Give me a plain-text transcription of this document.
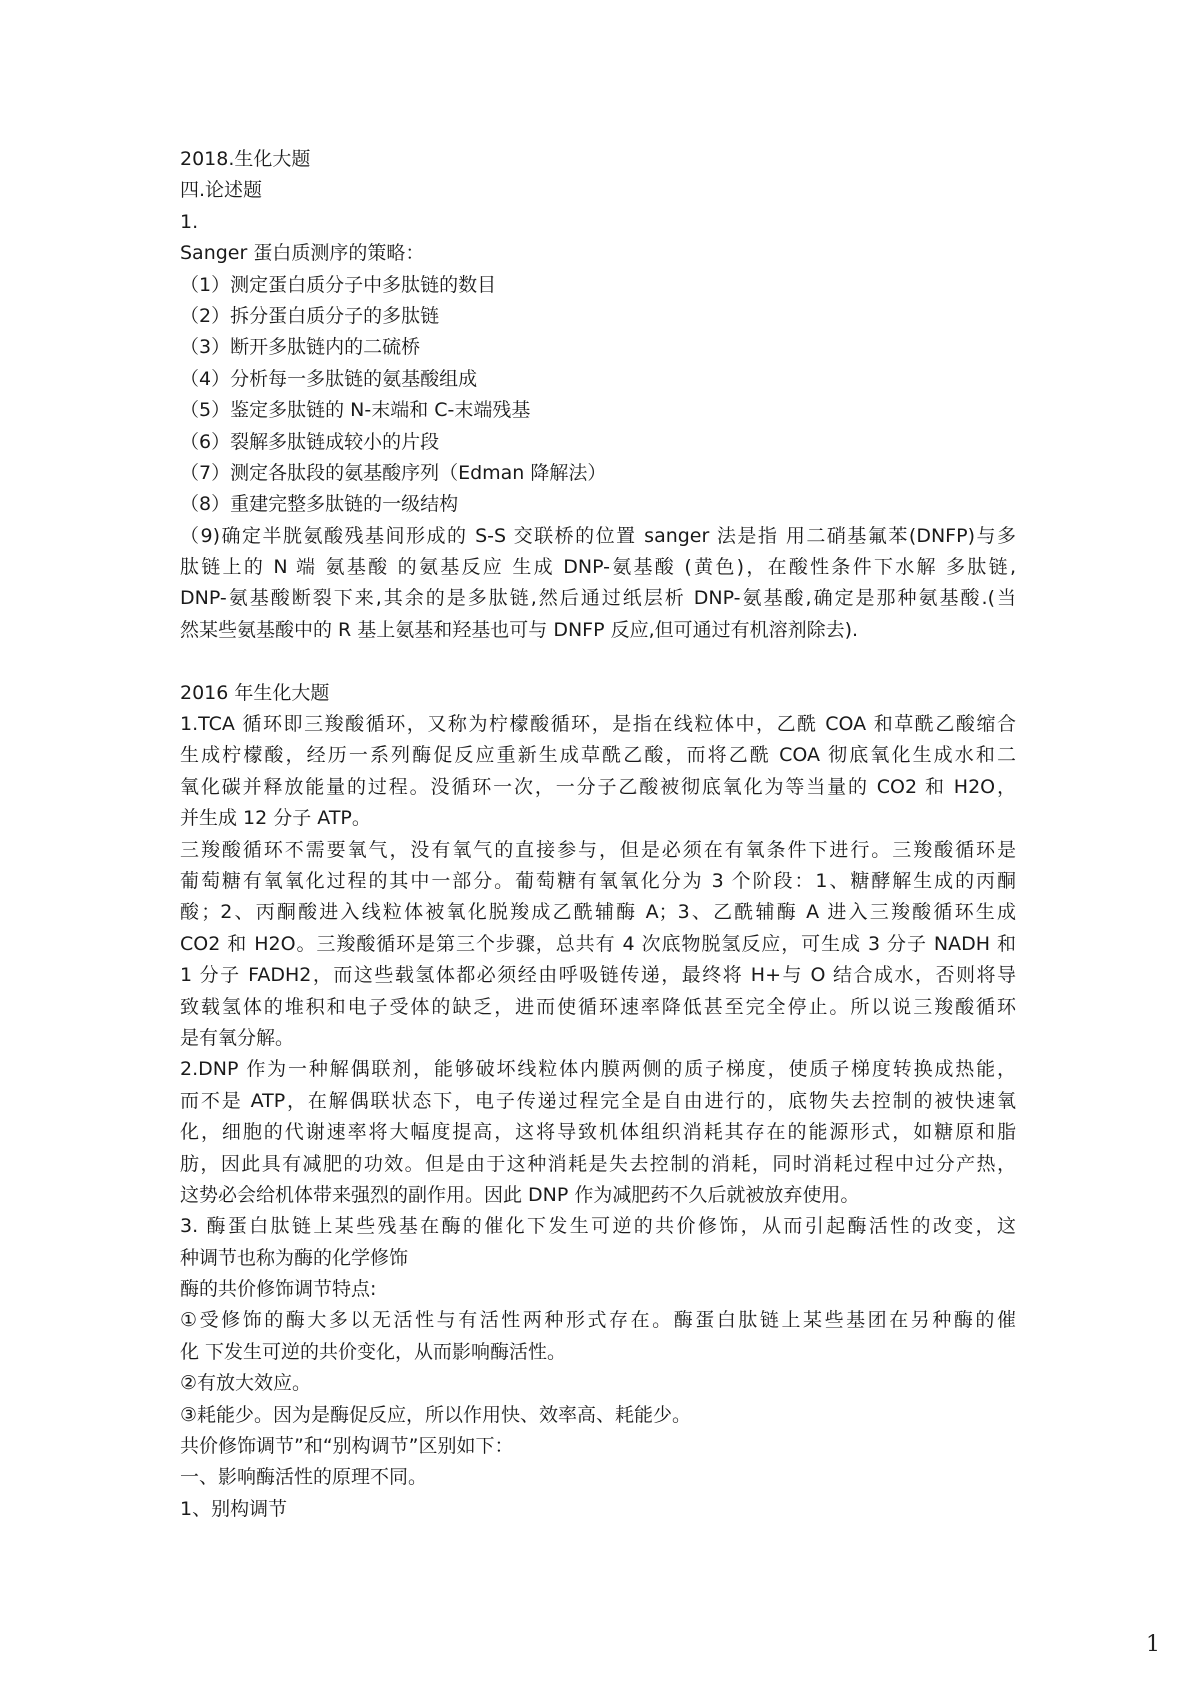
2018.生化大题
四.论述题
1.
Sanger 蛋白质测序的策略：
（1）测定蛋白质分子中多肽链的数目
（2）拆分蛋白质分子的多肽链
（3）断开多肽链内的二硫桥
（4）分析每一多肽链的氨基酸组成
（5）鉴定多肽链的 N-末端和 C-末端残基
（6）裂解多肽链成较小的片段
（7）测定各肽段的氨基酸序列（Edman 降解法）
（8）重建完整多肽链的一级结构
（9)确定半胱氨酸残基间形成的 S-S 交联桥的位置 sanger 法是指 用二硝基氟苯(DNFP)与多
肽链上的 N 端 氨基酸 的氨基反应 生成 DNP-氨基酸 (黄色)，在酸性条件下水解 多肽链,
DNP-氨基酸断裂下来,其余的是多肽链,然后通过纸层析 DNP-氨基酸,确定是那种氨基酸.(当
然某些氨基酸中的 R 基上氨基和羟基也可与 DNFP 反应,但可通过有机溶剂除去).
2016 年生化大题
1.TCA 循环即三羧酸循环，又称为柠檬酸循环，是指在线粒体中，乙酰 COA 和草酰乙酸缩合
生成柠檬酸，经历一系列酶促反应重新生成草酰乙酸，而将乙酰 COA 彻底氧化生成水和二
氧化碳并释放能量的过程。没循环一次，一分子乙酸被彻底氧化为等当量的 CO2 和 H2O，
并生成 12 分子 ATP。
三羧酸循环不需要氧气，没有氧气的直接参与，但是必须在有氧条件下进行。三羧酸循环是
葡萄糖有氧氧化过程的其中一部分。葡萄糖有氧氧化分为 3 个阶段：1、糖酵解生成的丙酮
酸；2、丙酮酸进入线粒体被氧化脱羧成乙酰辅酶 A；3、乙酰辅酶 A 进入三羧酸循环生成
CO2 和 H2O。三羧酸循环是第三个步骤，总共有 4 次底物脱氢反应，可生成 3 分子 NADH 和
1 分子 FADH2，而这些载氢体都必须经由呼吸链传递，最终将 H+与 O 结合成水，否则将导
致载氢体的堆积和电子受体的缺乏，进而使循环速率降低甚至完全停止。所以说三羧酸循环
是有氧分解。
2.DNP 作为一种解偶联剂，能够破坏线粒体内膜两侧的质子梯度，使质子梯度转换成热能，
而不是 ATP，在解偶联状态下，电子传递过程完全是自由进行的，底物失去控制的被快速氧
化，细胞的代谢速率将大幅度提高，这将导致机体组织消耗其存在的能源形式，如糖原和脂
肪，因此具有减肥的功效。但是由于这种消耗是失去控制的消耗，同时消耗过程中过分产热，
这势必会给机体带来强烈的副作用。因此 DNP 作为减肥药不久后就被放弃使用。
3. 酶蛋白肽链上某些残基在酶的催化下发生可逆的共价修饰，从而引起酶活性的改变，这
种调节也称为酶的化学修饰
酶的共价修饰调节特点:
①受修饰的酶大多以无活性与有活性两种形式存在。酶蛋白肽链上某些基团在另种酶的催
化 下发生可逆的共价变化，从而影响酶活性。
②有放大效应。
③耗能少。因为是酶促反应，所以作用快、效率高、耗能少。
共价修饰调节”和“别构调节”区别如下：
一、影响酶活性的原理不同。
1、别构调节
1
